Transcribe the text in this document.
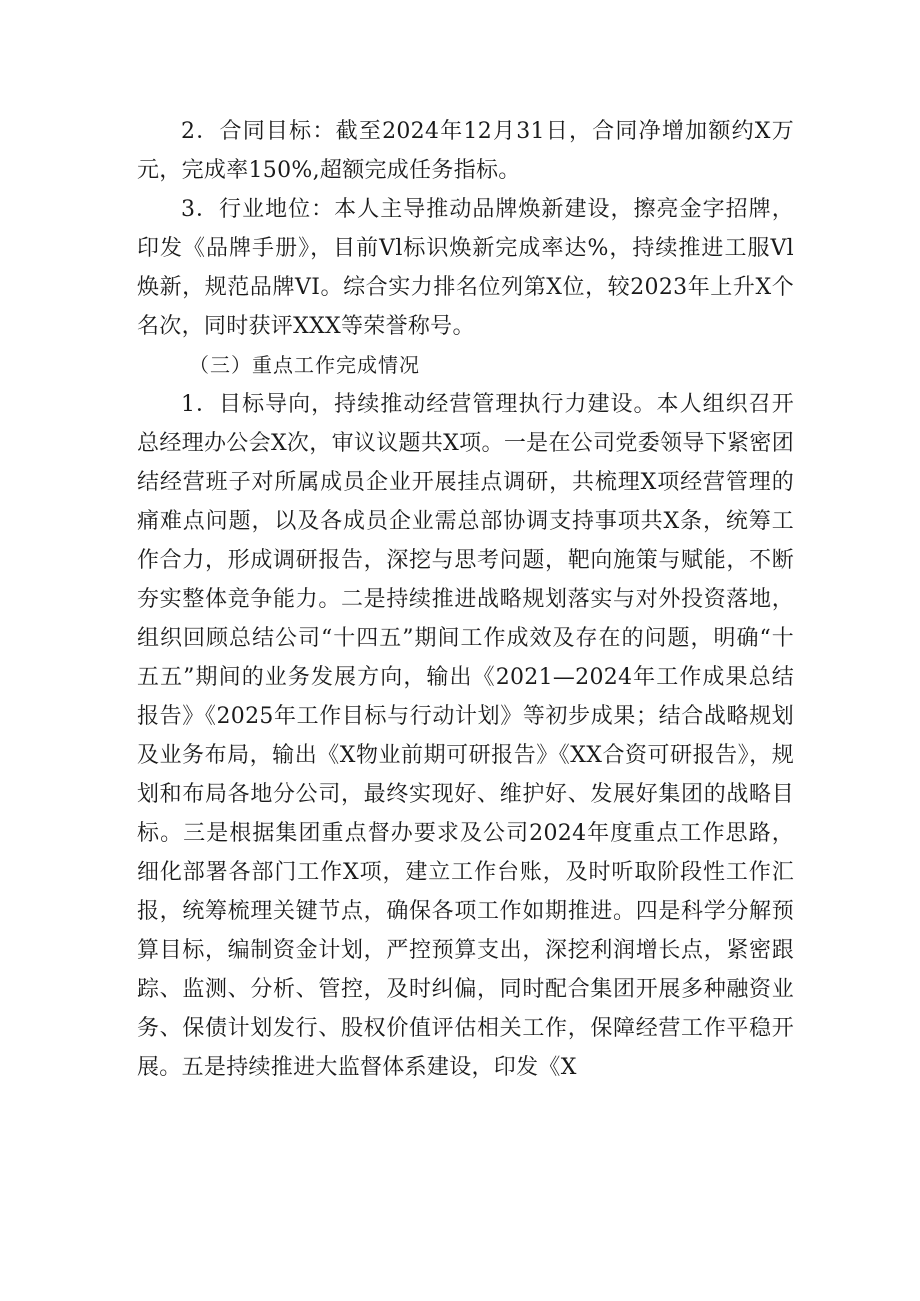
2．合同目标：截至2024年12月31日，合同净增加额约X万元，完成率150%,超额完成任务指标。

3．行业地位：本人主导推动品牌焕新建设，擦亮金字招牌，印发《品牌手册》，目前Vl标识焕新完成率达%，持续推进工服Vl焕新，规范品牌VI。综合实力排名位列第X位，较2023年上升X个名次，同时获评XXX等荣誉称号。

（三）重点工作完成情况

1．目标导向，持续推动经营管理执行力建设。本人组织召开总经理办公会X次，审议议题共X项。一是在公司党委领导下紧密团结经营班子对所属成员企业开展挂点调研，共梳理X项经营管理的痛难点问题，以及各成员企业需总部协调支持事项共X条，统筹工作合力，形成调研报告，深挖与思考问题，靶向施策与赋能，不断夯实整体竞争能力。二是持续推进战略规划落实与对外投资落地，组织回顾总结公司“十四五”期间工作成效及存在的问题，明确“十五五”期间的业务发展方向，输出《2021—2024年工作成果总结报告》《2025年工作目标与行动计划》等初步成果；结合战略规划及业务布局，输出《X物业前期可研报告》《XX合资可研报告》，规划和布局各地分公司，最终实现好、维护好、发展好集团的战略目标。三是根据集团重点督办要求及公司2024年度重点工作思路，细化部署各部门工作X项，建立工作台账，及时听取阶段性工作汇报，统筹梳理关键节点，确保各项工作如期推进。四是科学分解预算目标，编制资金计划，严控预算支出，深挖利润增长点，紧密跟踪、监测、分析、管控，及时纠偏，同时配合集团开展多种融资业务、保债计划发行、股权价值评估相关工作，保障经营工作平稳开展。五是持续推进大监督体系建设，印发《X
